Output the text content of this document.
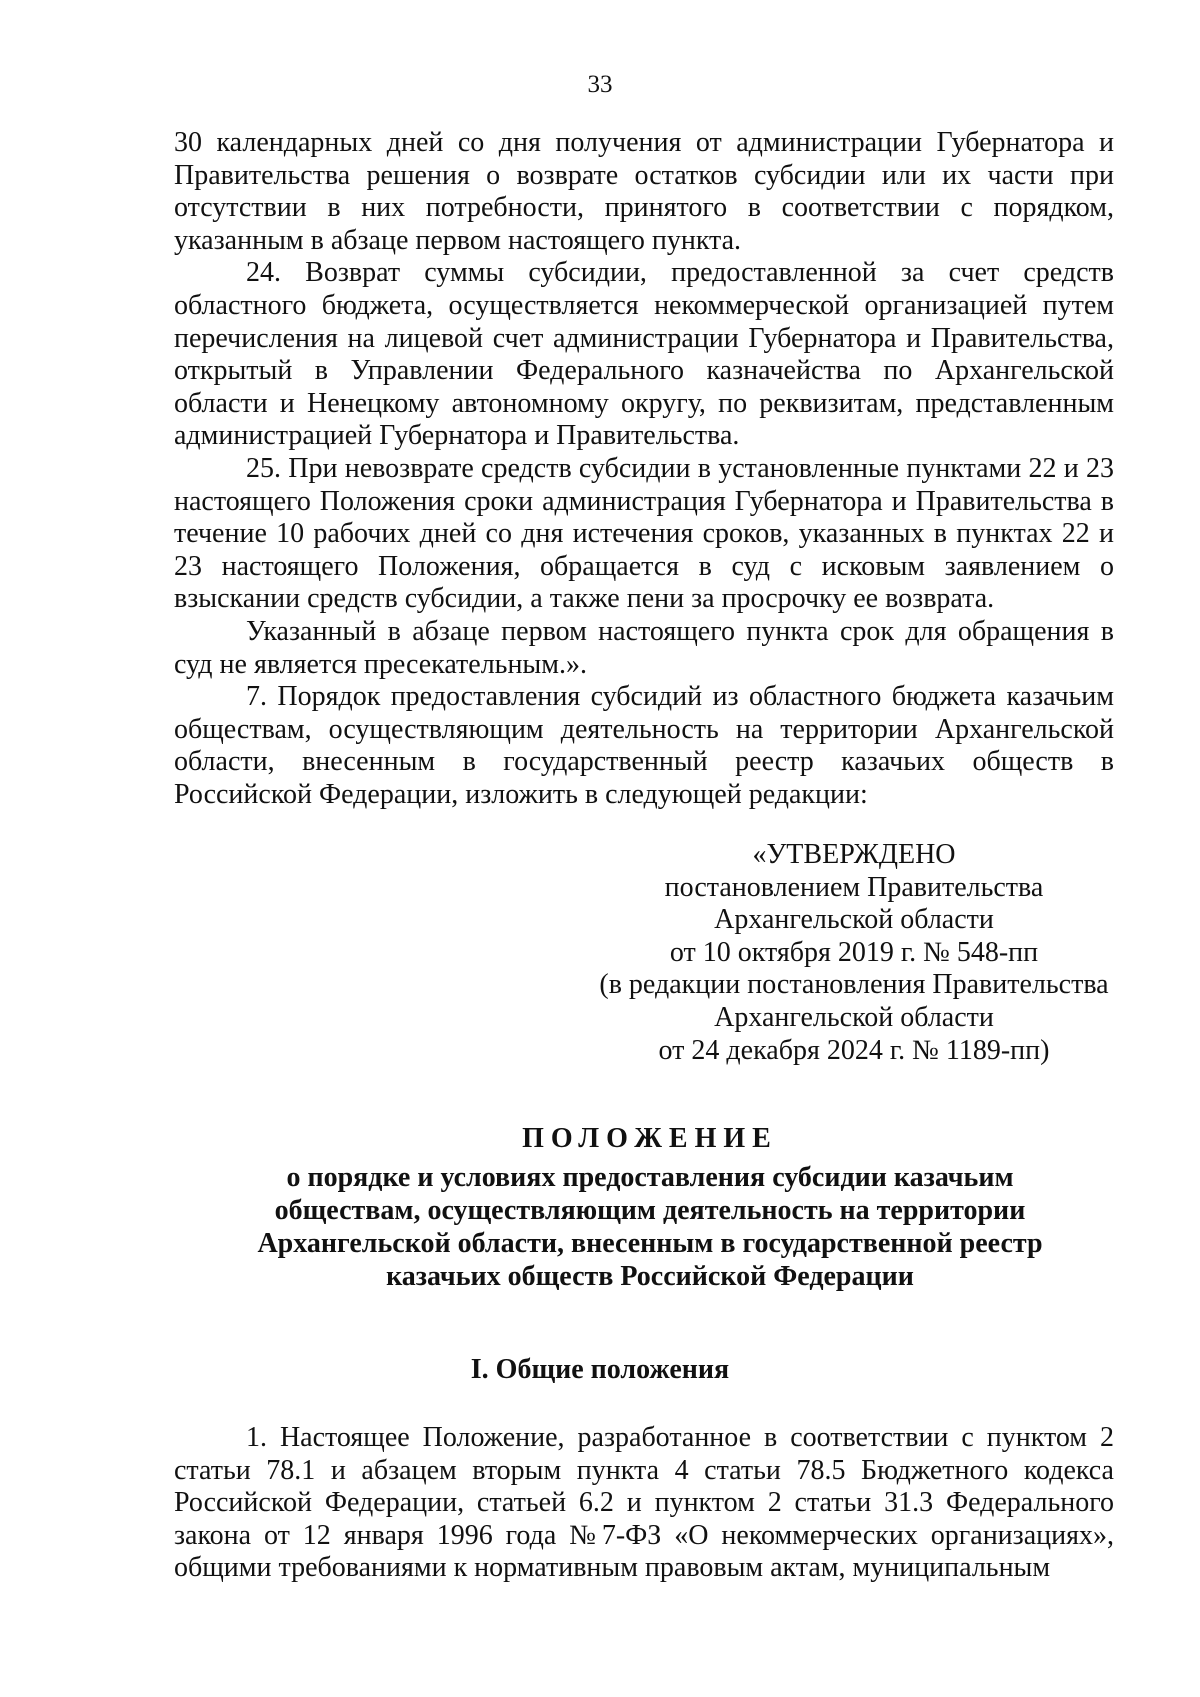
33

30 календарных дней со дня получения от администрации Губернатора и Правительства решения о возврате остатков субсидии или их части при отсутствии в них потребности, принятого в соответствии с порядком, указанным в абзаце первом настоящего пункта.

24. Возврат суммы субсидии, предоставленной за счет средств областного бюджета, осуществляется некоммерческой организацией путем перечисления на лицевой счет администрации Губернатора и Правительства, открытый в Управлении Федерального казначейства по Архангельской области и Ненецкому автономному округу, по реквизитам, представленным администрацией Губернатора и Правительства.

25. При невозврате средств субсидии в установленные пунктами 22 и 23 настоящего Положения сроки администрация Губернатора и Правительства в течение 10 рабочих дней со дня истечения сроков, указанных в пунктах 22 и 23 настоящего Положения, обращается в суд с исковым заявлением о взыскании средств субсидии, а также пени за просрочку ее возврата.

Указанный в абзаце первом настоящего пункта срок для обращения в суд не является пресекательным.».

7. Порядок предоставления субсидий из областного бюджета казачьим обществам, осуществляющим деятельность на территории Архангельской области, внесенным в государственный реестр казачьих обществ в Российской Федерации, изложить в следующей редакции:

«УТВЕРЖДЕНО
постановлением Правительства
Архангельской области
от 10 октября 2019 г. № 548-пп
(в редакции постановления Правительства
Архангельской области
от 24 декабря 2024 г. № 1189-пп)
ПОЛОЖЕНИЕ
о порядке и условиях предоставления субсидии казачьим
обществам, осуществляющим деятельность на территории
Архангельской области, внесенным в государственной реестр
казачьих обществ Российской Федерации
I. Общие положения

1. Настоящее Положение, разработанное в соответствии с пунктом 2 статьи 78.1 и абзацем вторым пункта 4 статьи 78.5 Бюджетного кодекса Российской Федерации, статьей 6.2 и пунктом 2 статьи 31.3 Федерального закона от 12 января 1996 года №7-ФЗ «О некоммерческих организациях», общими требованиями к нормативным правовым актам, муниципальным
